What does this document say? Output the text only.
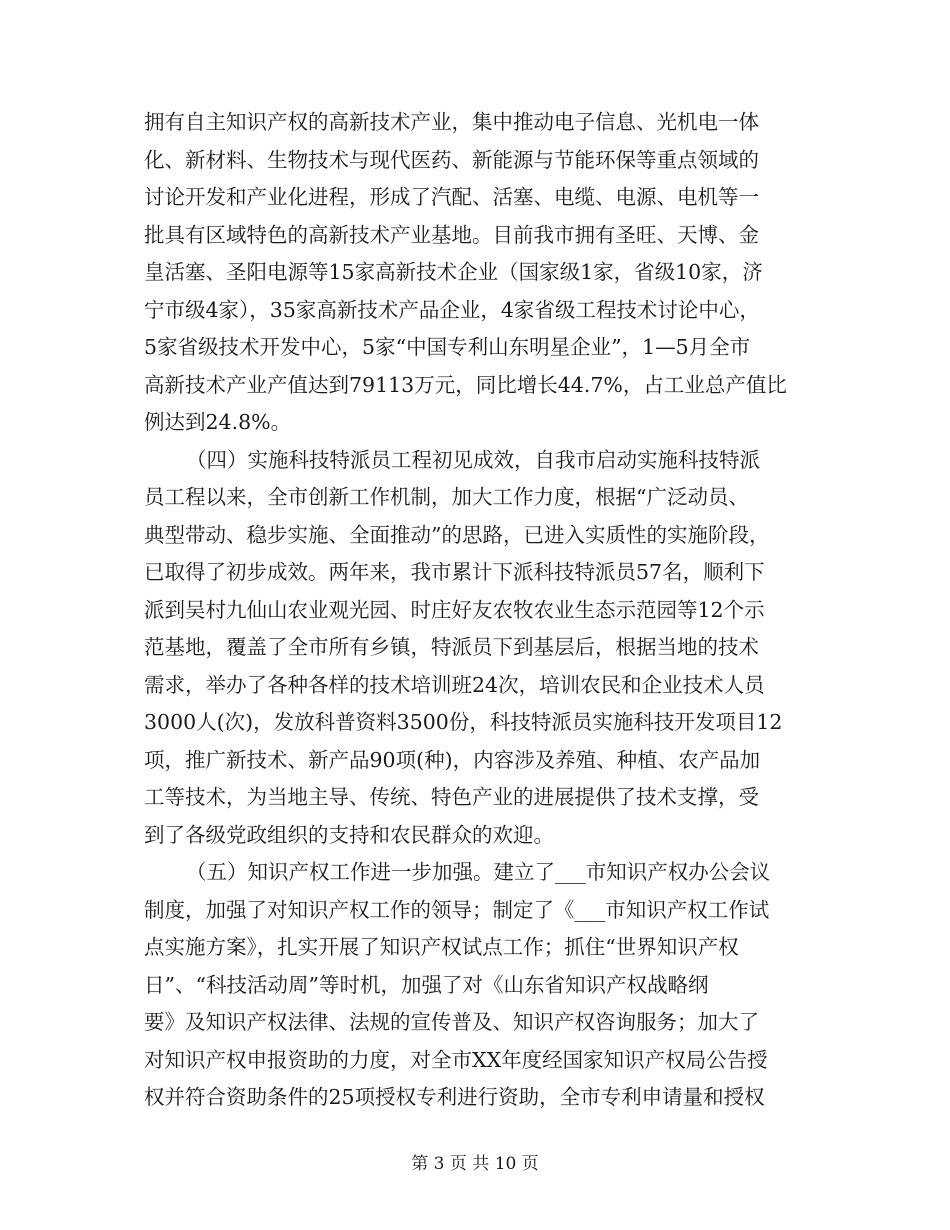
拥有自主知识产权的高新技术产业，集中推动电子信息、光机电一体
化、新材料、生物技术与现代医药、新能源与节能环保等重点领域的
讨论开发和产业化进程，形成了汽配、活塞、电缆、电源、电机等一
批具有区域特色的高新技术产业基地。目前我市拥有圣旺、天博、金
皇活塞、圣阳电源等15家高新技术企业（国家级1家，省级10家，济
宁市级4家），35家高新技术产品企业，4家省级工程技术讨论中心，
5家省级技术开发中心，5家“中国专利山东明星企业”，1—5月全市
高新技术产业产值达到79113万元，同比增长44.7%，占工业总产值比
例达到24.8%。
（四）实施科技特派员工程初见成效，自我市启动实施科技特派
员工程以来，全市创新工作机制，加大工作力度，根据“广泛动员、
典型带动、稳步实施、全面推动”的思路，已进入实质性的实施阶段，
已取得了初步成效。两年来，我市累计下派科技特派员57名，顺利下
派到吴村九仙山农业观光园、时庄好友农牧农业生态示范园等12个示
范基地，覆盖了全市所有乡镇，特派员下到基层后，根据当地的技术
需求，举办了各种各样的技术培训班24次，培训农民和企业技术人员
3000人(次)，发放科普资料3500份，科技特派员实施科技开发项目12
项，推广新技术、新产品90项(种)，内容涉及养殖、种植、农产品加
工等技术，为当地主导、传统、特色产业的进展提供了技术支撑，受
到了各级党政组织的支持和农民群众的欢迎。
（五）知识产权工作进一步加强。建立了___市知识产权办公会议
制度，加强了对知识产权工作的领导；制定了《___市知识产权工作试
点实施方案》，扎实开展了知识产权试点工作；抓住“世界知识产权
日”、“科技活动周”等时机，加强了对《山东省知识产权战略纲
要》及知识产权法律、法规的宣传普及、知识产权咨询服务；加大了
对知识产权申报资助的力度，对全市XX年度经国家知识产权局公告授
权并符合资助条件的25项授权专利进行资助，全市专利申请量和授权
第 3 页 共 10 页
